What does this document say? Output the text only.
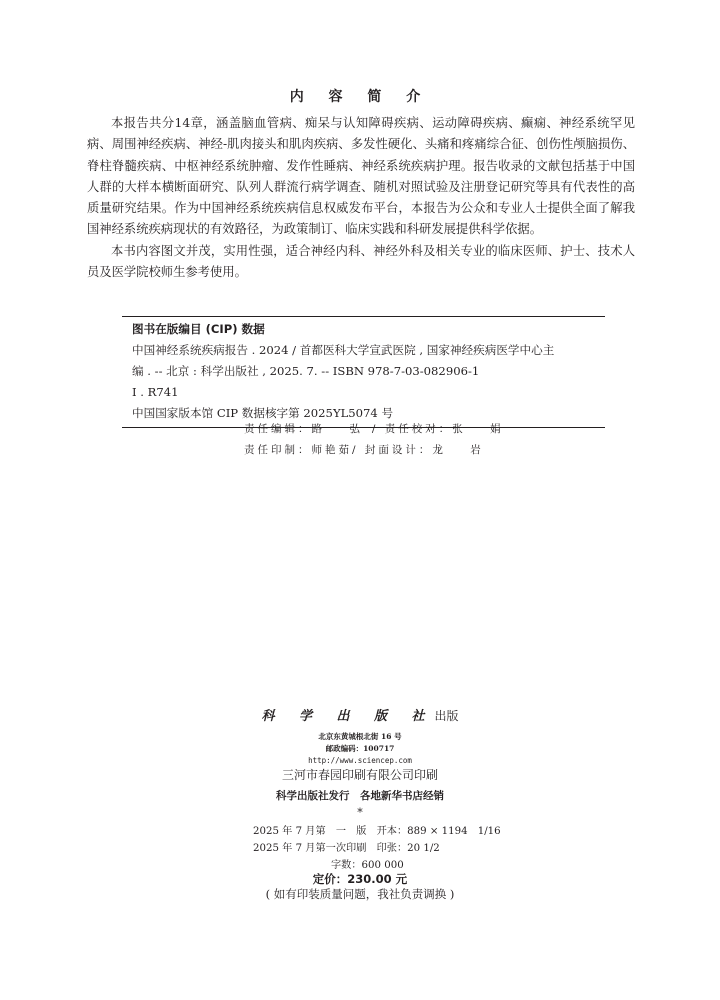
内 容 简 介

本报告共分14章，涵盖脑血管病、痴呆与认知障碍疾病、运动障碍疾病、癫痫、神经系统罕见病、周围神经疾病、神经-肌肉接头和肌肉疾病、多发性硬化、头痛和疼痛综合征、创伤性颅脑损伤、脊柱脊髓疾病、中枢神经系统肿瘤、发作性睡病、神经系统疾病护理。报告收录的文献包括基于中国人群的大样本横断面研究、队列人群流行病学调查、随机对照试验及注册登记研究等具有代表性的高质量研究结果。作为中国神经系统疾病信息权威发布平台，本报告为公众和专业人士提供全面了解我国神经系统疾病现状的有效路径，为政策制订、临床实践和科研发展提供科学依据。

本书内容图文并茂，实用性强，适合神经内科、神经外科及相关专业的临床医师、护士、技术人员及医学院校师生参考使用。

图书在版编目 (CIP) 数据
中国神经系统疾病报告 . 2024 / 首都医科大学宣武医院 , 国家神经疾病医学中心主
编 . -- 北京 : 科学出版社 , 2025. 7. -- ISBN 978-7-03-082906-1
Ⅰ . R741
中国国家版本馆 CIP 数据核字第 2025YL5074 号
责任编辑：路 弘/ 责任校对：张 娟
责任印制：师艳茹/ 封面设计：龙 岩
科 学 出 版 社出版
北京东黄城根北街 16 号
邮政编码：100717
http://www.sciencep.com
三河市春园印刷有限公司印刷
科学出版社发行　各地新华书店经销
*
2025 年 7 月第　一　版　开本：889 × 1194　1/16
2025 年 7 月第一次印刷　印张：20 1/2
字数：600 000
定价：230.00 元
( 如有印装质量问题，我社负责调换 )
